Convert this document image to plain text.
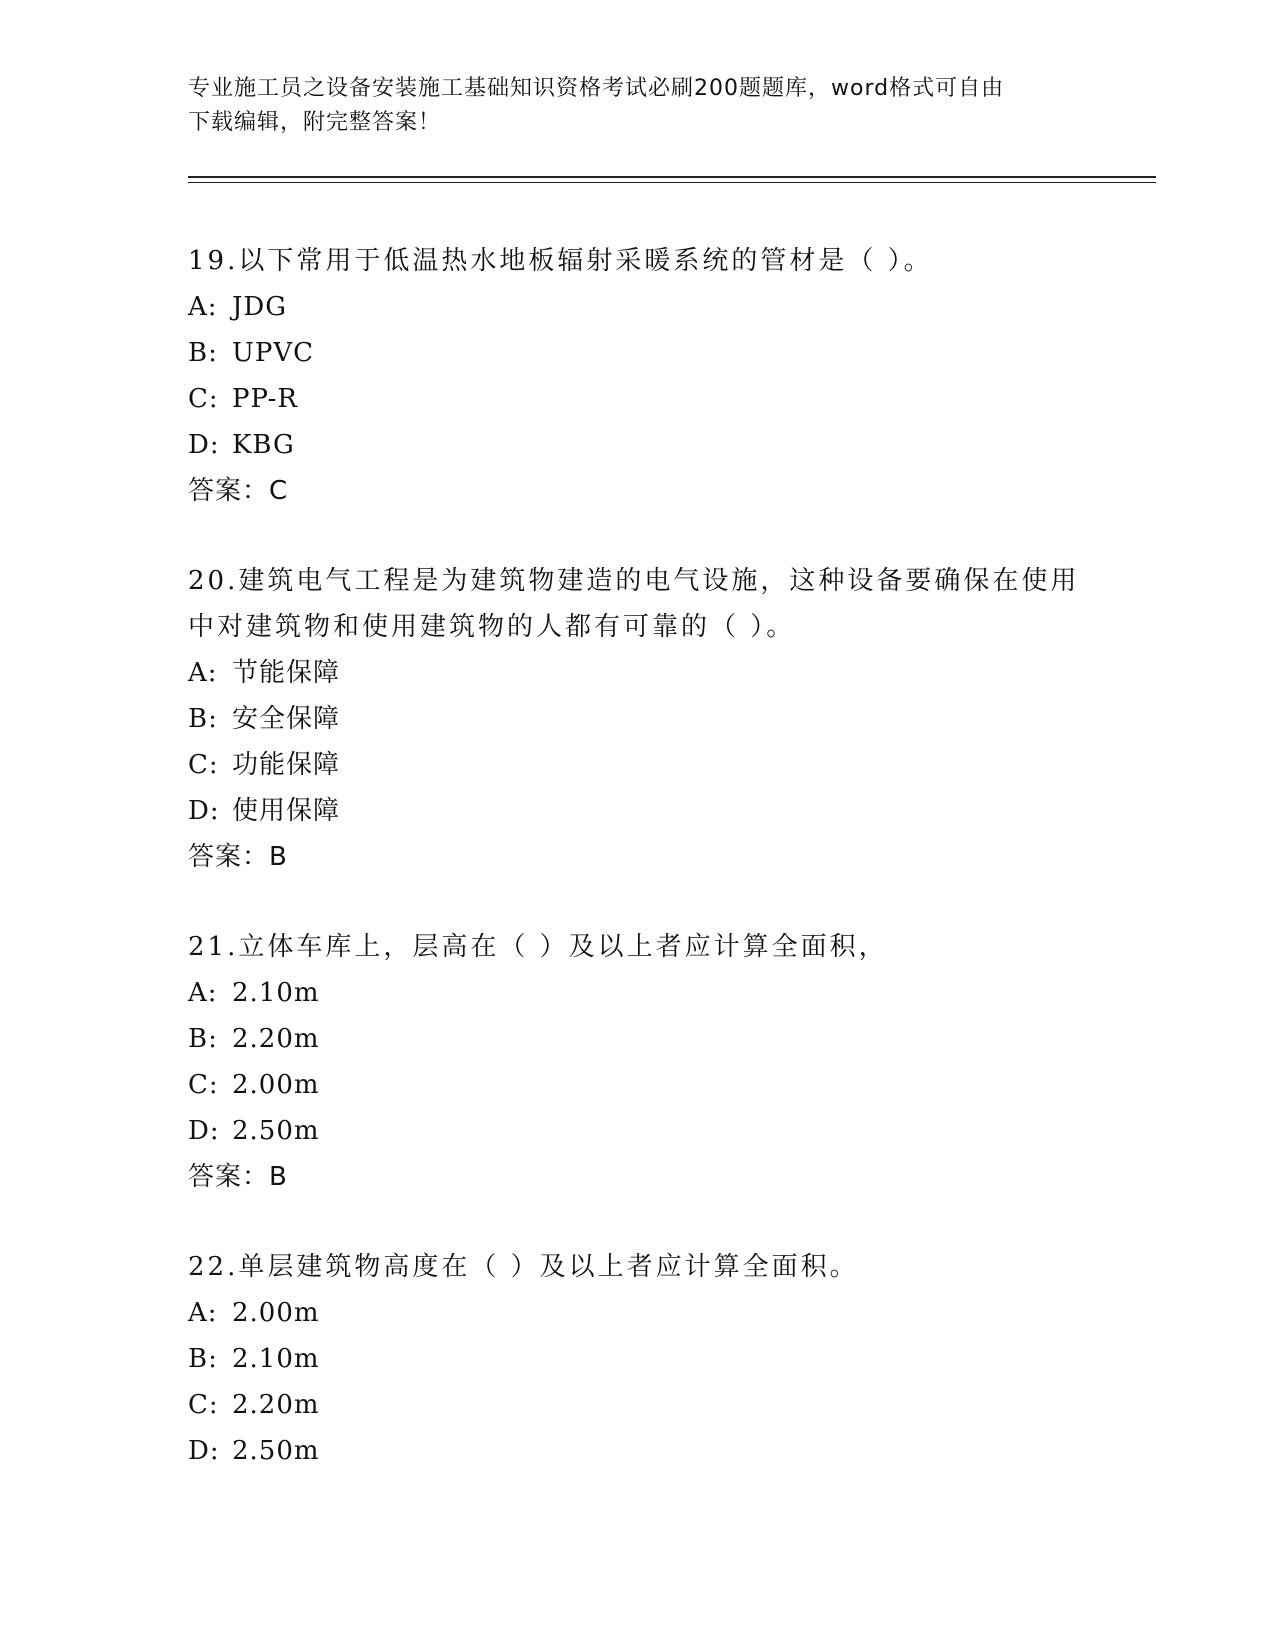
专业施工员之设备安装施工基础知识资格考试必刷200题题库，word格式可自由
下载编辑，附完整答案！

19.以下常用于低温热水地板辐射采暖系统的管材是（ ）。

A: JDG
B: UPVC
C: PP-R
D: KBG

答案：C

20.建筑电气工程是为建筑物建造的电气设施，这种设备要确保在使用

中对建筑物和使用建筑物的人都有可靠的（ ）。

A: 节能保障
B: 安全保障
C: 功能保障
D: 使用保障

答案：B

21.立体车库上，层高在（ ）及以上者应计算全面积，

A: 2.10m
B: 2.20m
C: 2.00m
D: 2.50m

答案：B

22.单层建筑物高度在（ ）及以上者应计算全面积。

A: 2.00m
B: 2.10m
C: 2.20m
D: 2.50m
